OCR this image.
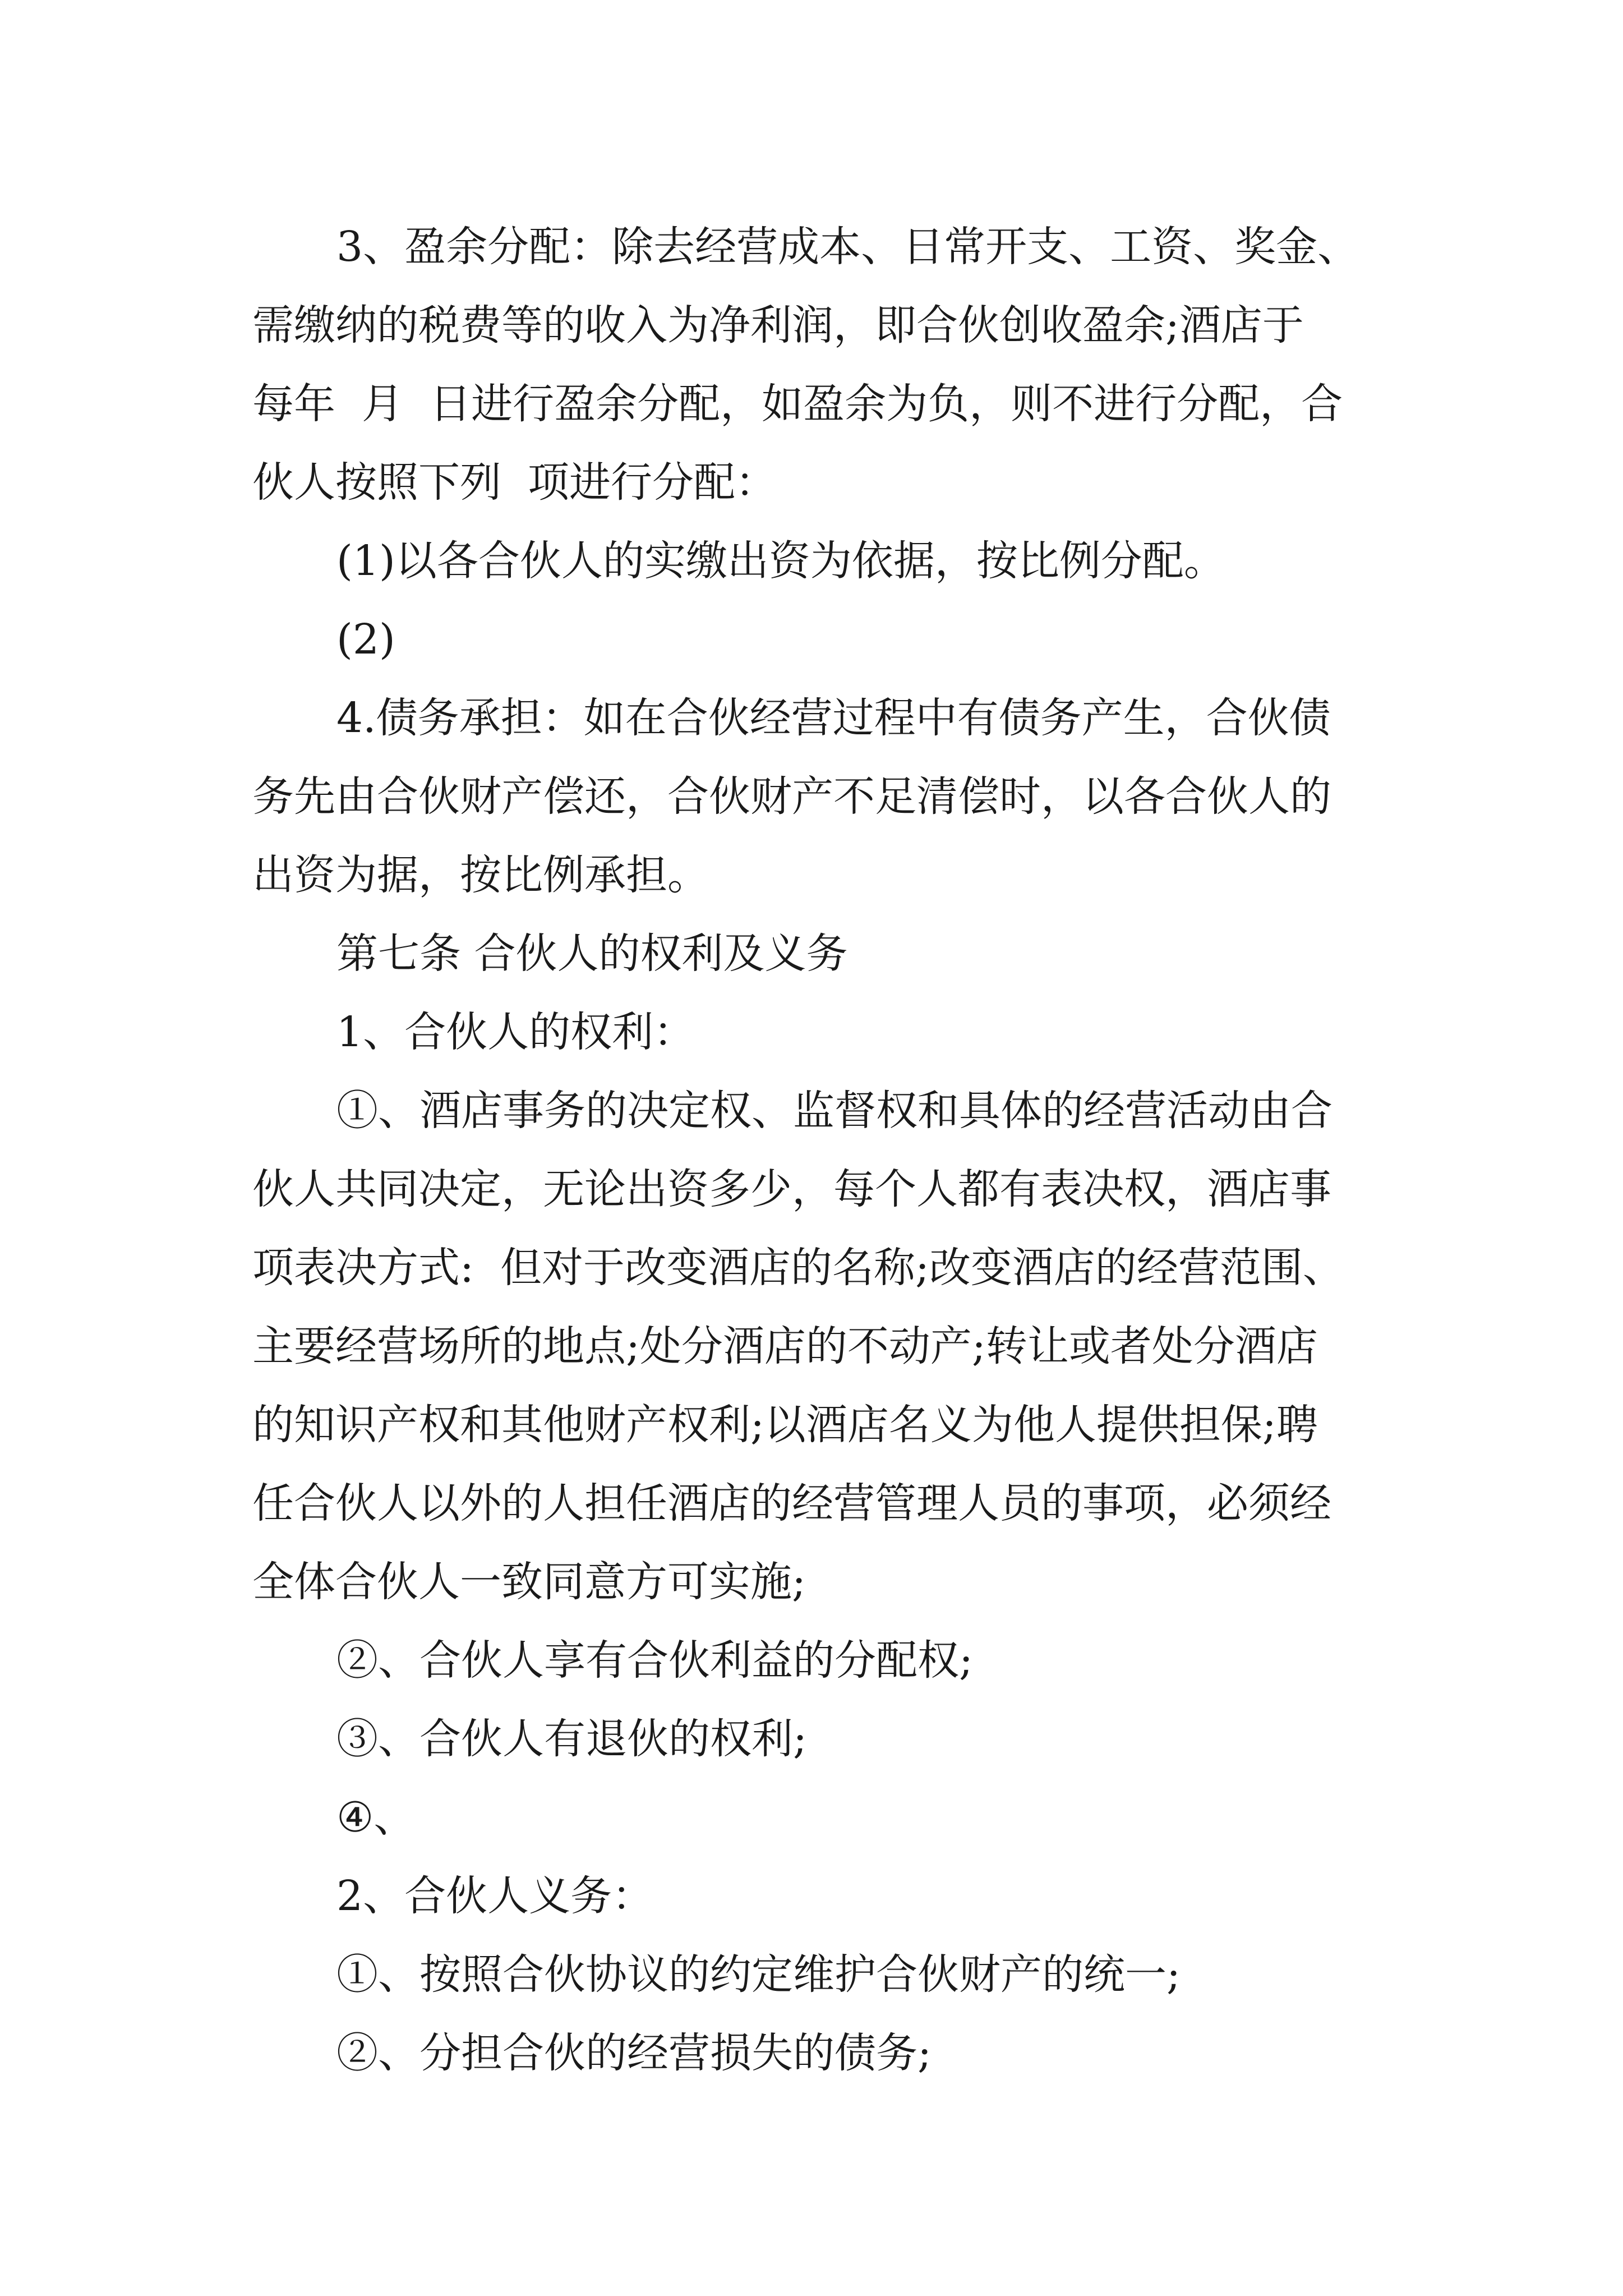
3、盈余分配：除去经营成本、日常开支、工资、奖金、
需缴纳的税费等的收入为净利润，即合伙创收盈余;酒店于
每年  月  日进行盈余分配，如盈余为负，则不进行分配，合
伙人按照下列  项进行分配：
(1)以各合伙人的实缴出资为依据，按比例分配。
(2)
4.债务承担：如在合伙经营过程中有债务产生，合伙债
务先由合伙财产偿还，合伙财产不足清偿时，以各合伙人的
出资为据，按比例承担。
第七条 合伙人的权利及义务
1、合伙人的权利：
①、酒店事务的决定权、监督权和具体的经营活动由合
伙人共同决定，无论出资多少，每个人都有表决权，酒店事
项表决方式:  但对于改变酒店的名称;改变酒店的经营范围、
主要经营场所的地点;处分酒店的不动产;转让或者处分酒店
的知识产权和其他财产权利;以酒店名义为他人提供担保;聘
任合伙人以外的人担任酒店的经营管理人员的事项，必须经
全体合伙人一致同意方可实施;
②、合伙人享有合伙利益的分配权;
③、合伙人有退伙的权利;
④、
2、合伙人义务：
①、按照合伙协议的约定维护合伙财产的统一;
②、分担合伙的经营损失的债务;
